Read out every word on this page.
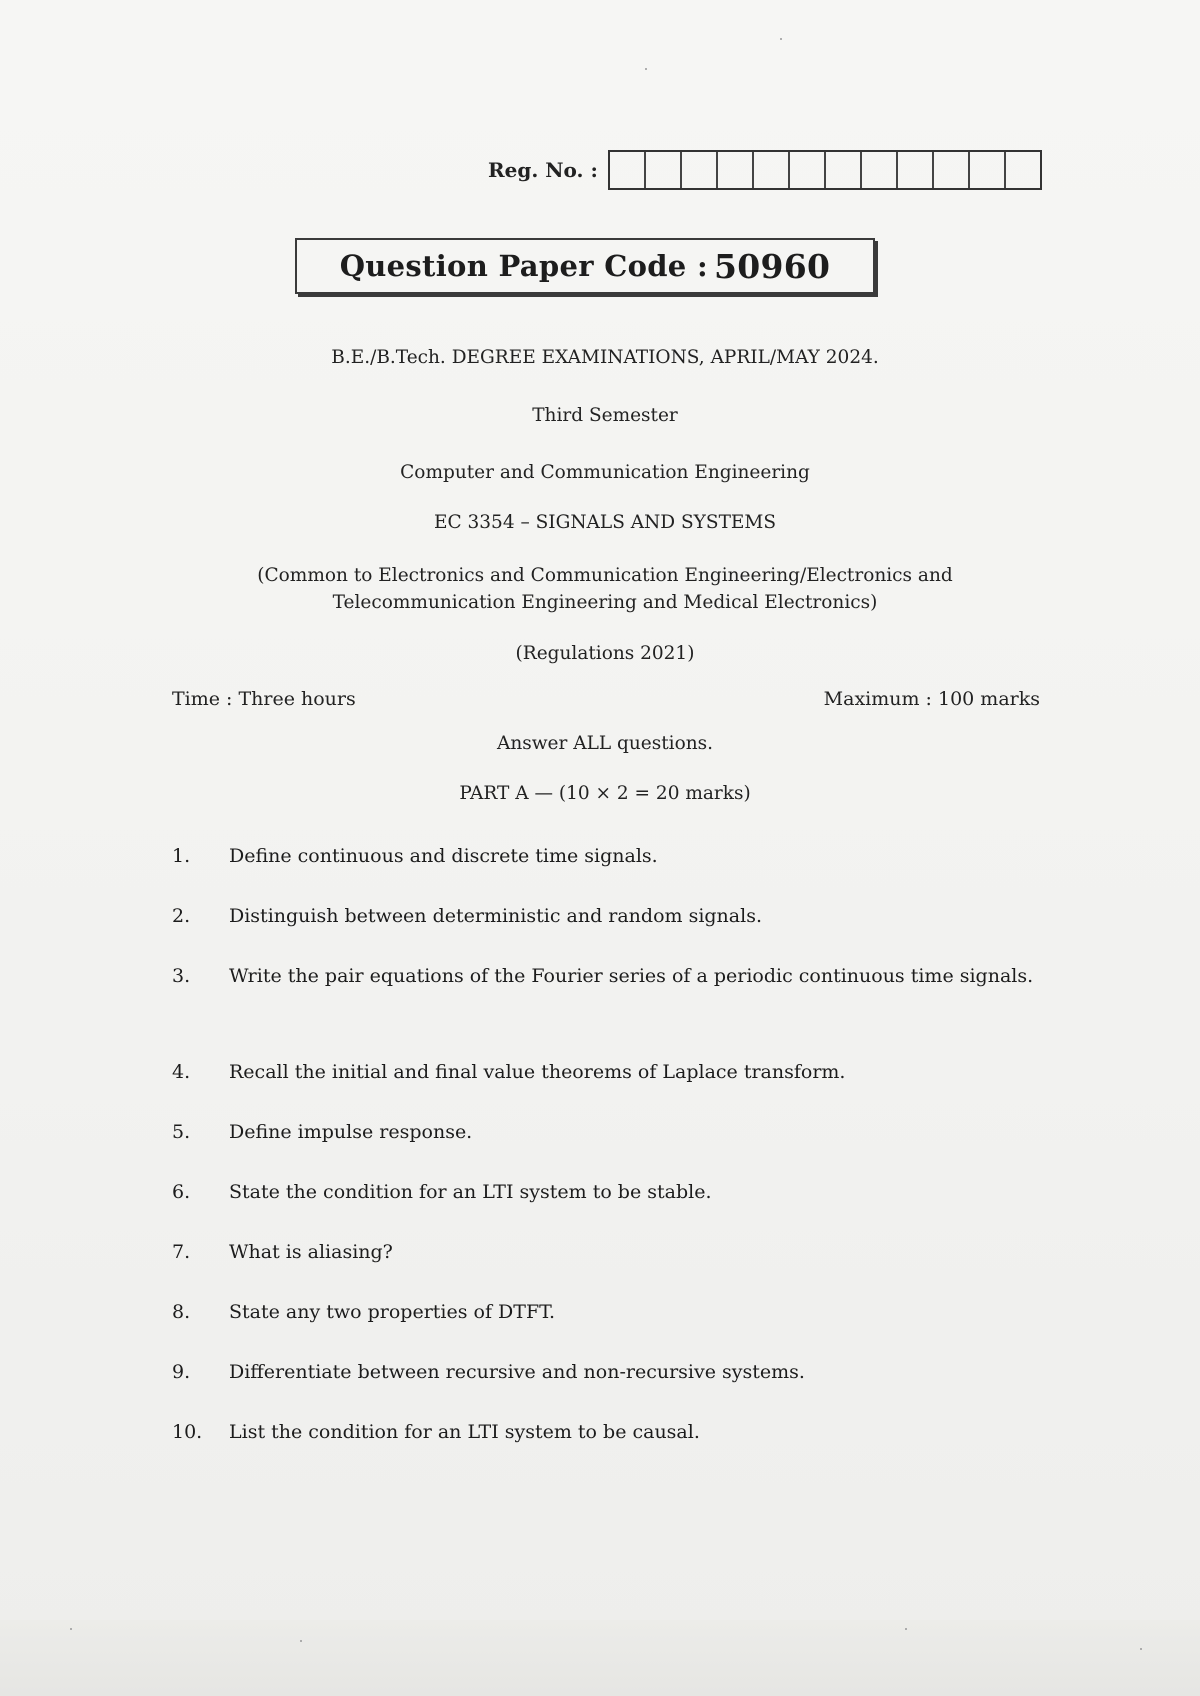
Reg. No. :
Question Paper Code : 50960
B.E./B.Tech. DEGREE EXAMINATIONS, APRIL/MAY 2024.
Third Semester
Computer and Communication Engineering
EC 3354 – SIGNALS AND SYSTEMS
(Common to Electronics and Communication Engineering/Electronics and
Telecommunication Engineering and Medical Electronics)
(Regulations 2021)
Time : Three hours	Maximum : 100 marks
Answer ALL questions.
PART A — (10 × 2 = 20 marks)
1.	Define continuous and discrete time signals.
2.	Distinguish between deterministic and random signals.
3.	Write the pair equations of the Fourier series of a periodic continuous time signals.
4.	Recall the initial and final value theorems of Laplace transform.
5.	Define impulse response.
6.	State the condition for an LTI system to be stable.
7.	What is aliasing?
8.	State any two properties of DTFT.
9.	Differentiate between recursive and non-recursive systems.
10.	List the condition for an LTI system to be causal.
